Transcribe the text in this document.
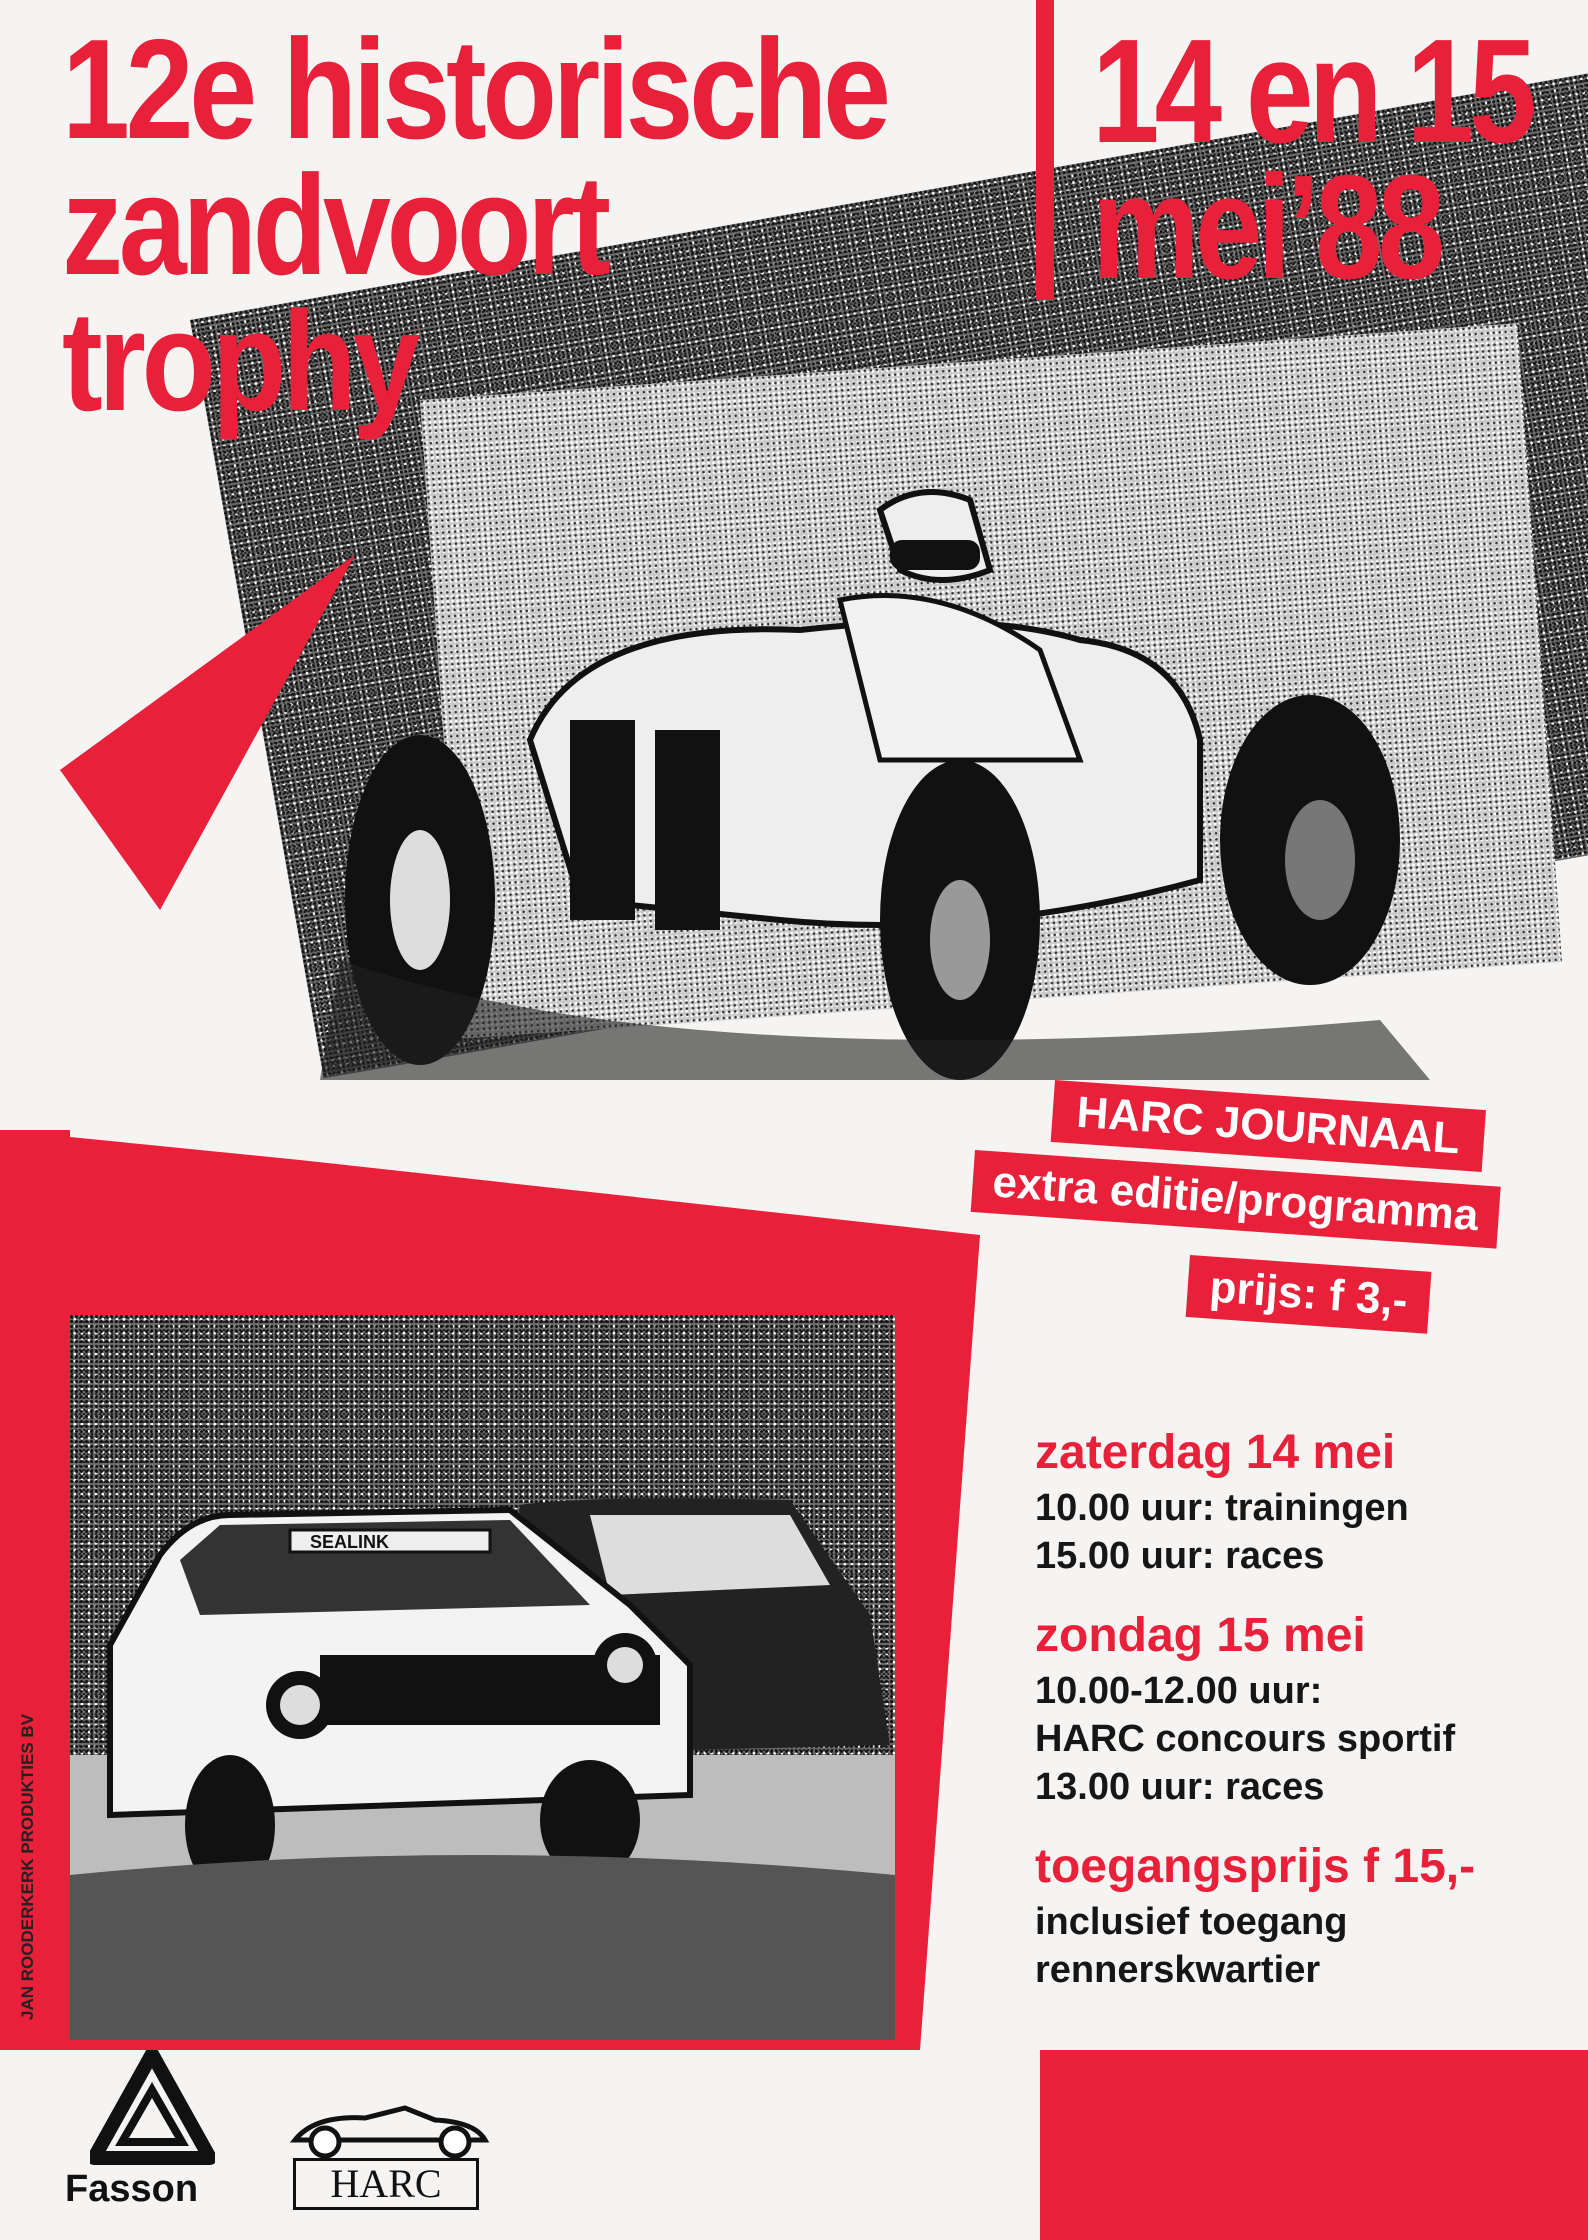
12e historische
zandvoort
trophy
14 en 15
mei’88
HARC JOURNAAL
extra editie/programma
prijs: f 3,-
SEALINK
JAN ROODERKERK PRODUKTIES BV
zaterdag 14 mei
10.00 uur: trainingen
15.00 uur: races
zondag 15 mei
10.00-12.00 uur:
HARC concours sportif
13.00 uur: races
toegangsprijs f 15,-
inclusief toegang
rennerskwartier
Fasson	HARC
